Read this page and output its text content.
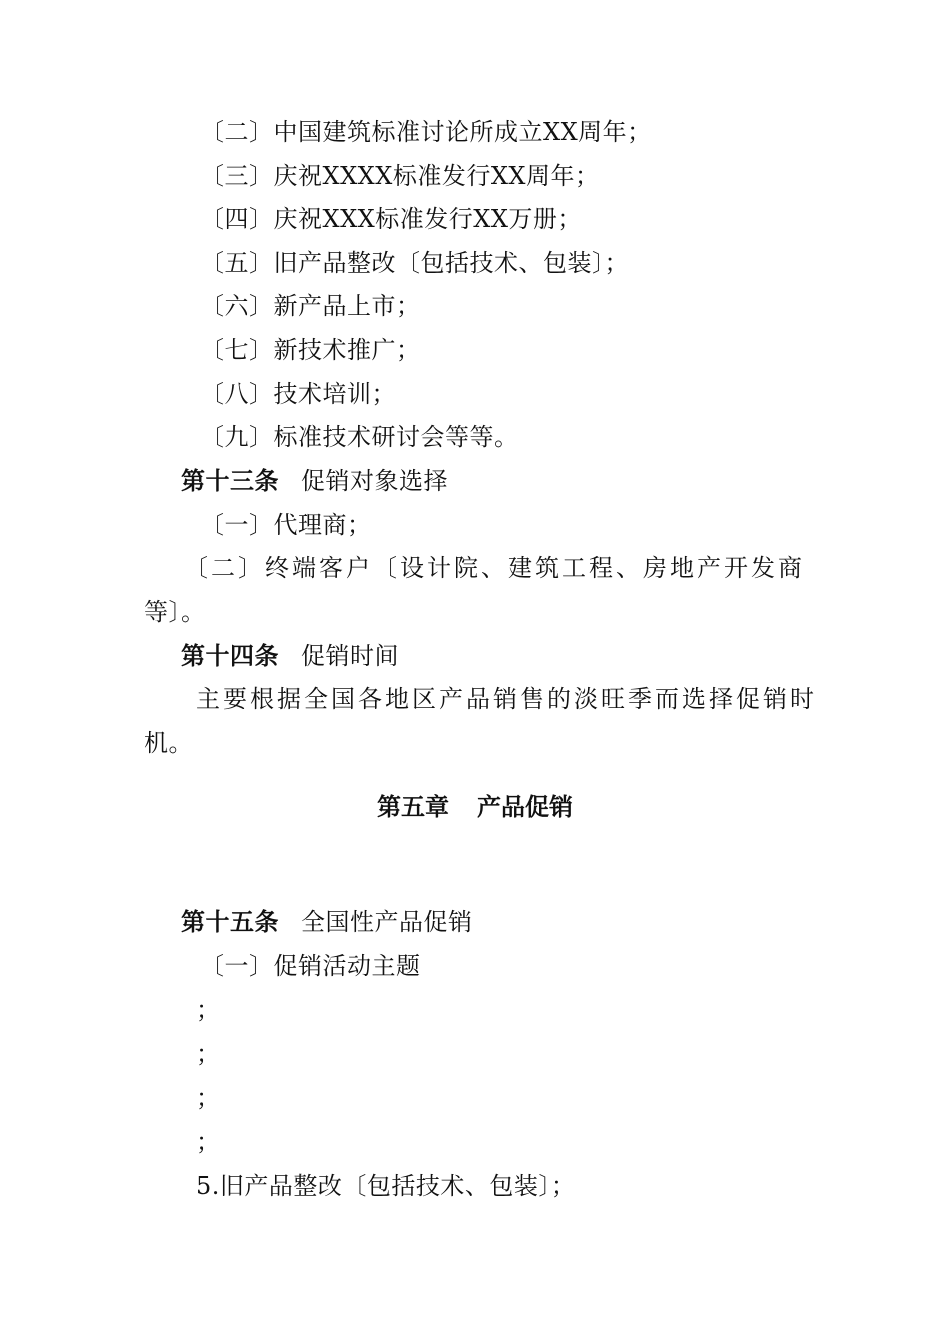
〔二〕中国建筑标准讨论所成立XX周年；
〔三〕庆祝XXXX标准发行XX周年；
〔四〕庆祝XXX标准发行XX万册；
〔五〕旧产品整改〔包括技术、包装〕；
〔六〕新产品上市；
〔七〕新技术推广；
〔八〕技术培训；
〔九〕标准技术研讨会等等。
第十三条 促销对象选择
〔一〕代理商；
〔二〕终端客户〔设计院、建筑工程、房地产开发商
等〕。
第十四条 促销时间
主要根据全国各地区产品销售的淡旺季而选择促销时
机。
第五章 产品促销
第十五条 全国性产品促销
〔一〕促销活动主题
；
；
；
；
5.旧产品整改〔包括技术、包装〕；
